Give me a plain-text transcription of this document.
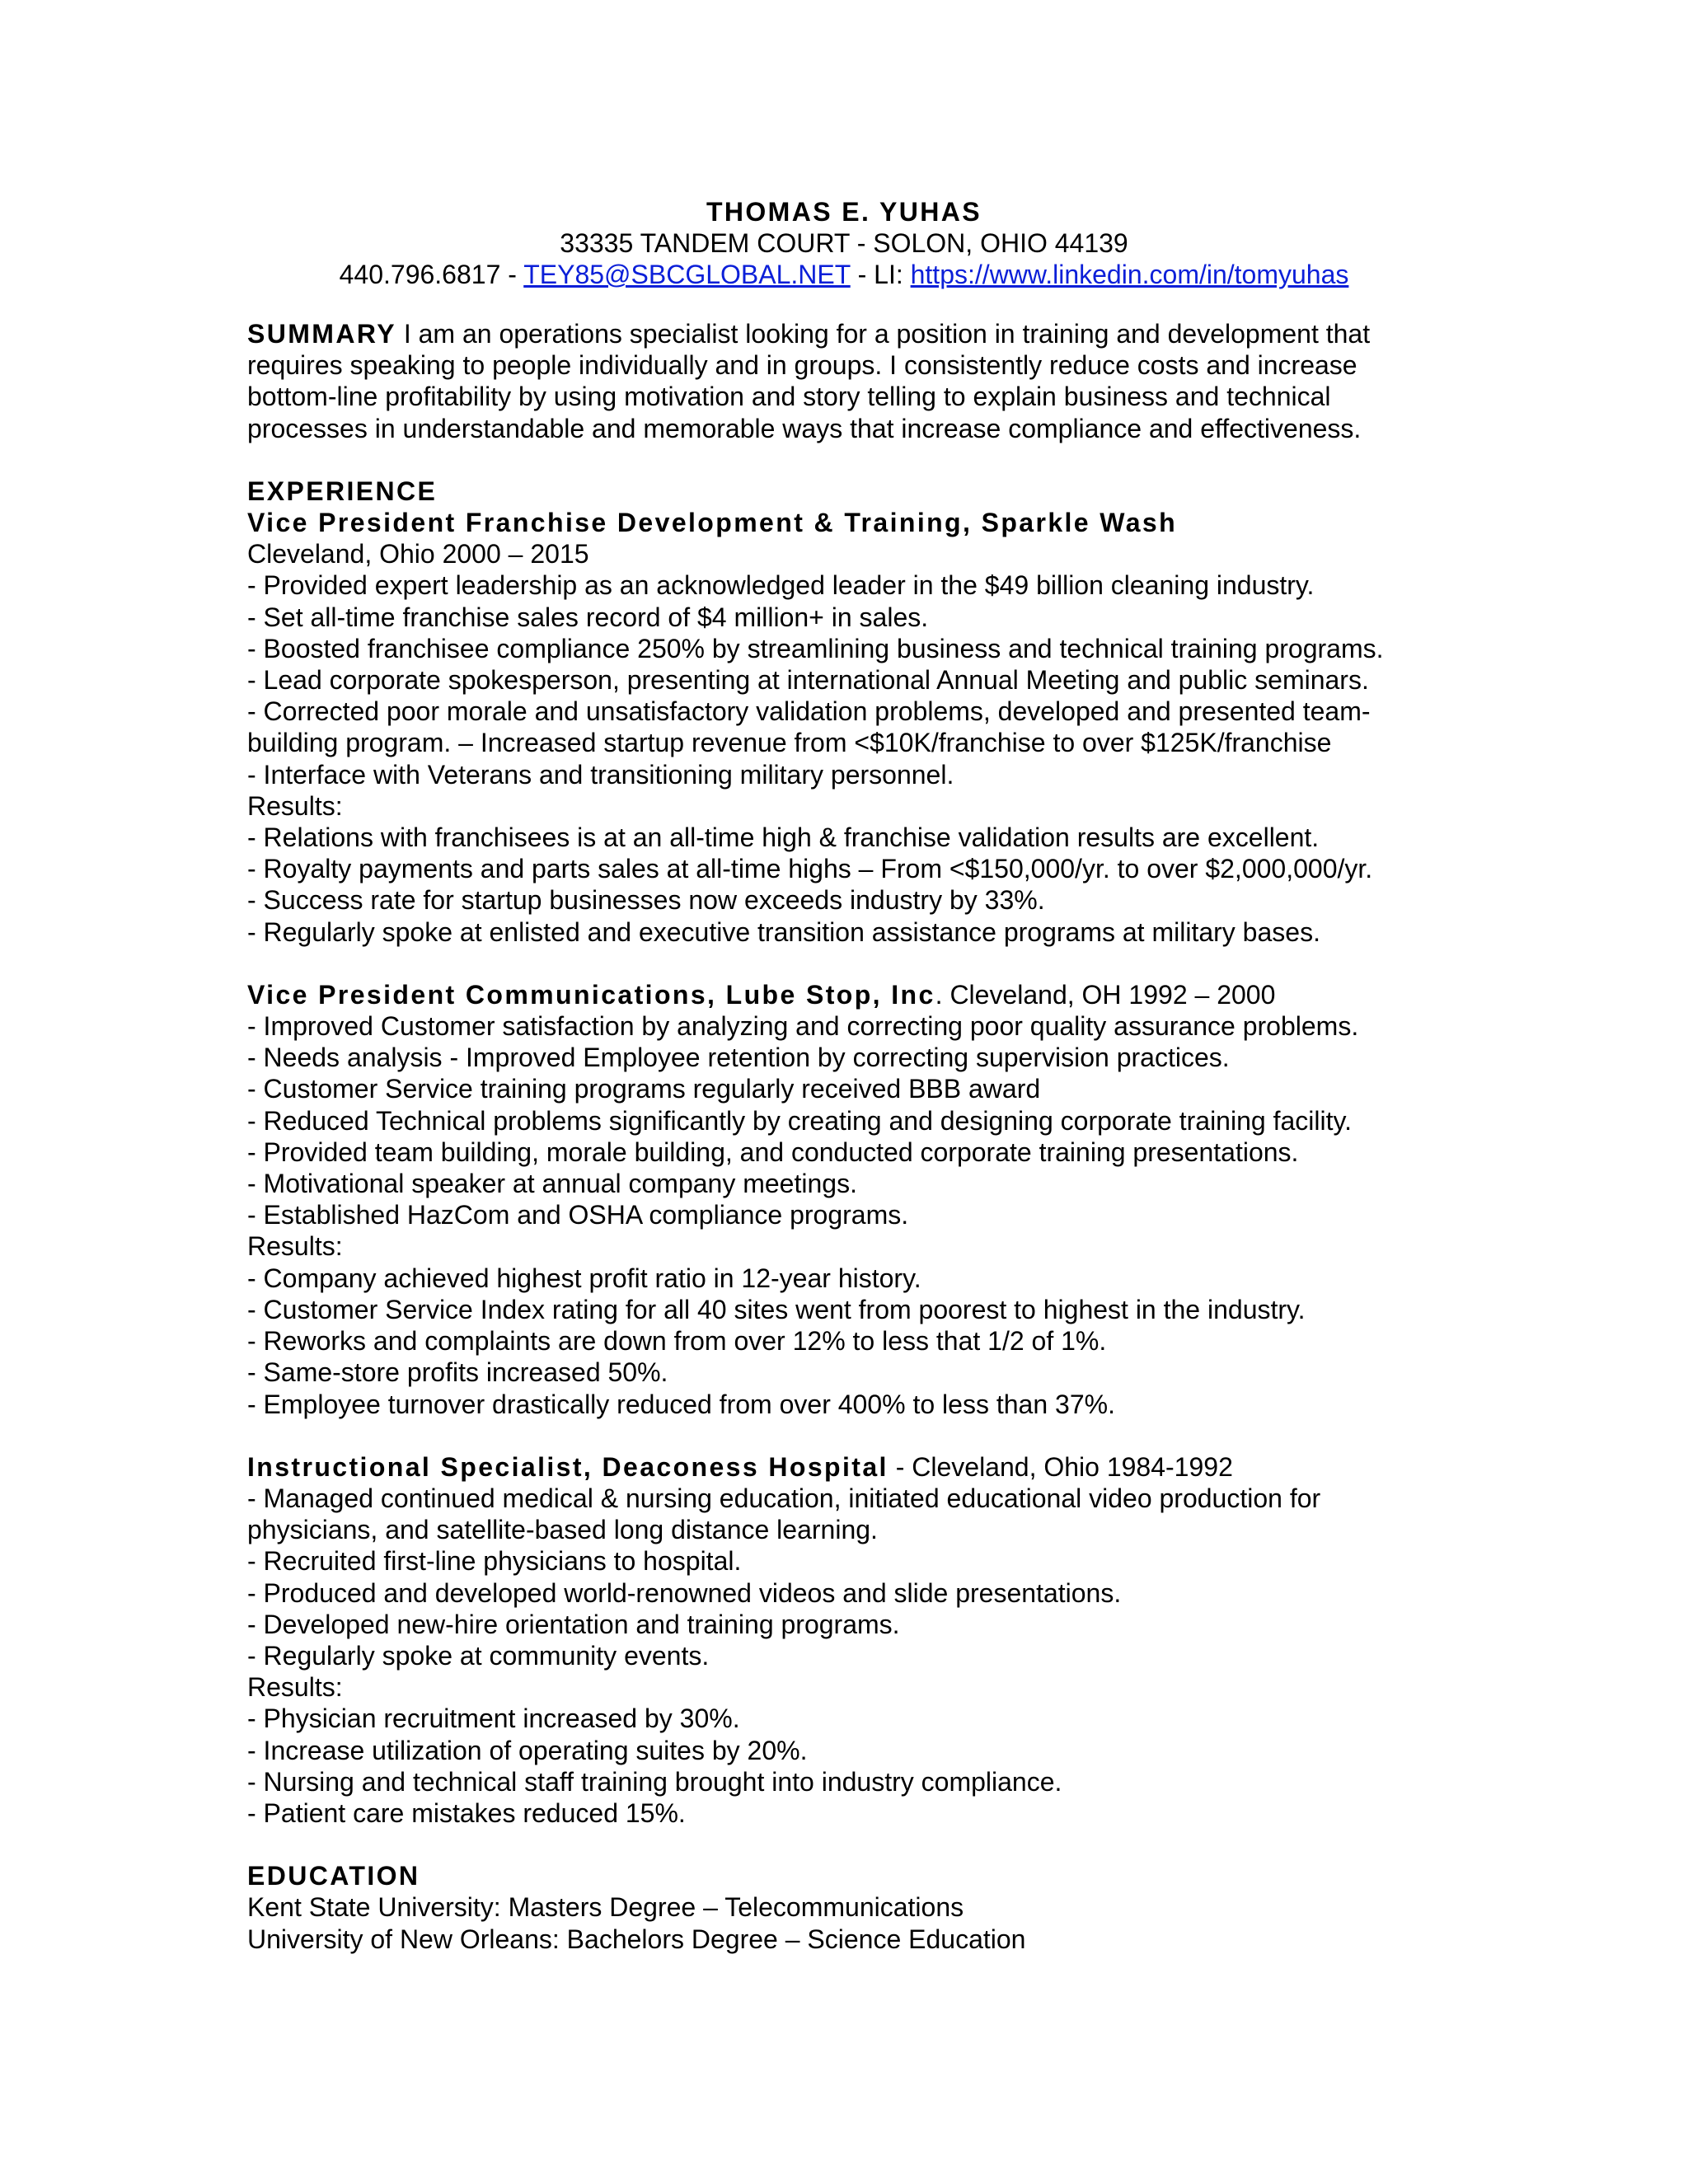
THOMAS E. YUHAS
33335 TANDEM COURT - SOLON, OHIO 44139
440.796.6817 - TEY85@SBCGLOBAL.NET - LI: https://www.linkedin.com/in/tomyuhas
SUMMARY I am an operations specialist looking for a position in training and development that
requires speaking to people individually and in groups. I consistently reduce costs and increase
bottom-line profitability by using motivation and story telling to explain business and technical
processes in understandable and memorable ways that increase compliance and effectiveness.
EXPERIENCE
Vice President Franchise Development & Training, Sparkle Wash
Cleveland, Ohio 2000 – 2015
- Provided expert leadership as an acknowledged leader in the $49 billion cleaning industry.
- Set all-time franchise sales record of $4 million+ in sales.
- Boosted franchisee compliance 250% by streamlining business and technical training programs.
- Lead corporate spokesperson, presenting at international Annual Meeting and public seminars.
- Corrected poor morale and unsatisfactory validation problems, developed and presented team-
building program. – Increased startup revenue from <$10K/franchise to over $125K/franchise
- Interface with Veterans and transitioning military personnel.
Results:
- Relations with franchisees is at an all-time high & franchise validation results are excellent.
- Royalty payments and parts sales at all-time highs – From <$150,000/yr. to over $2,000,000/yr.
- Success rate for startup businesses now exceeds industry by 33%.
- Regularly spoke at enlisted and executive transition assistance programs at military bases.
Vice President Communications, Lube Stop, Inc. Cleveland, OH 1992 – 2000
- Improved Customer satisfaction by analyzing and correcting poor quality assurance problems.
- Needs analysis - Improved Employee retention by correcting supervision practices.
- Customer Service training programs regularly received BBB award
- Reduced Technical problems significantly by creating and designing corporate training facility.
- Provided team building, morale building, and conducted corporate training presentations.
- Motivational speaker at annual company meetings.
- Established HazCom and OSHA compliance programs.
Results:
- Company achieved highest profit ratio in 12-year history.
- Customer Service Index rating for all 40 sites went from poorest to highest in the industry.
- Reworks and complaints are down from over 12% to less that 1/2 of 1%.
- Same-store profits increased 50%.
- Employee turnover drastically reduced from over 400% to less than 37%.
Instructional Specialist, Deaconess Hospital - Cleveland, Ohio 1984-1992
- Managed continued medical & nursing education, initiated educational video production for
physicians, and satellite-based long distance learning.
- Recruited first-line physicians to hospital.
- Produced and developed world-renowned videos and slide presentations.
- Developed new-hire orientation and training programs.
- Regularly spoke at community events.
Results:
- Physician recruitment increased by 30%.
- Increase utilization of operating suites by 20%.
- Nursing and technical staff training brought into industry compliance.
- Patient care mistakes reduced 15%.
EDUCATION
Kent State University: Masters Degree – Telecommunications
University of New Orleans: Bachelors Degree – Science Education
